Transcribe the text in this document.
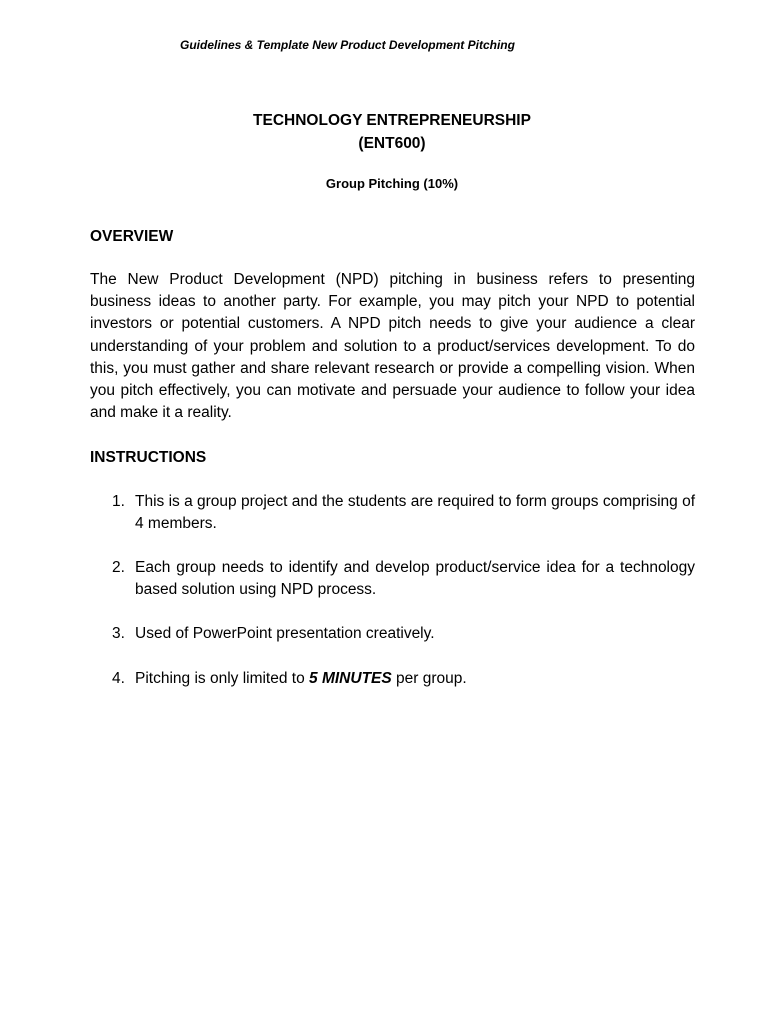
Guidelines & Template New Product Development Pitching
TECHNOLOGY ENTREPRENEURSHIP
(ENT600)
Group Pitching (10%)
OVERVIEW
The New Product Development (NPD) pitching in business refers to presenting business ideas to another party. For example, you may pitch your NPD to potential investors or potential customers. A NPD pitch needs to give your audience a clear understanding of your problem and solution to a product/services development. To do this, you must gather and share relevant research or provide a compelling vision. When you pitch effectively, you can motivate and persuade your audience to follow your idea and make it a reality.
INSTRUCTIONS
1. This is a group project and the students are required to form groups comprising of 4 members.
2. Each group needs to identify and develop product/service idea for a technology based solution using NPD process.
3. Used of PowerPoint presentation creatively.
4. Pitching is only limited to 5 MINUTES per group.
